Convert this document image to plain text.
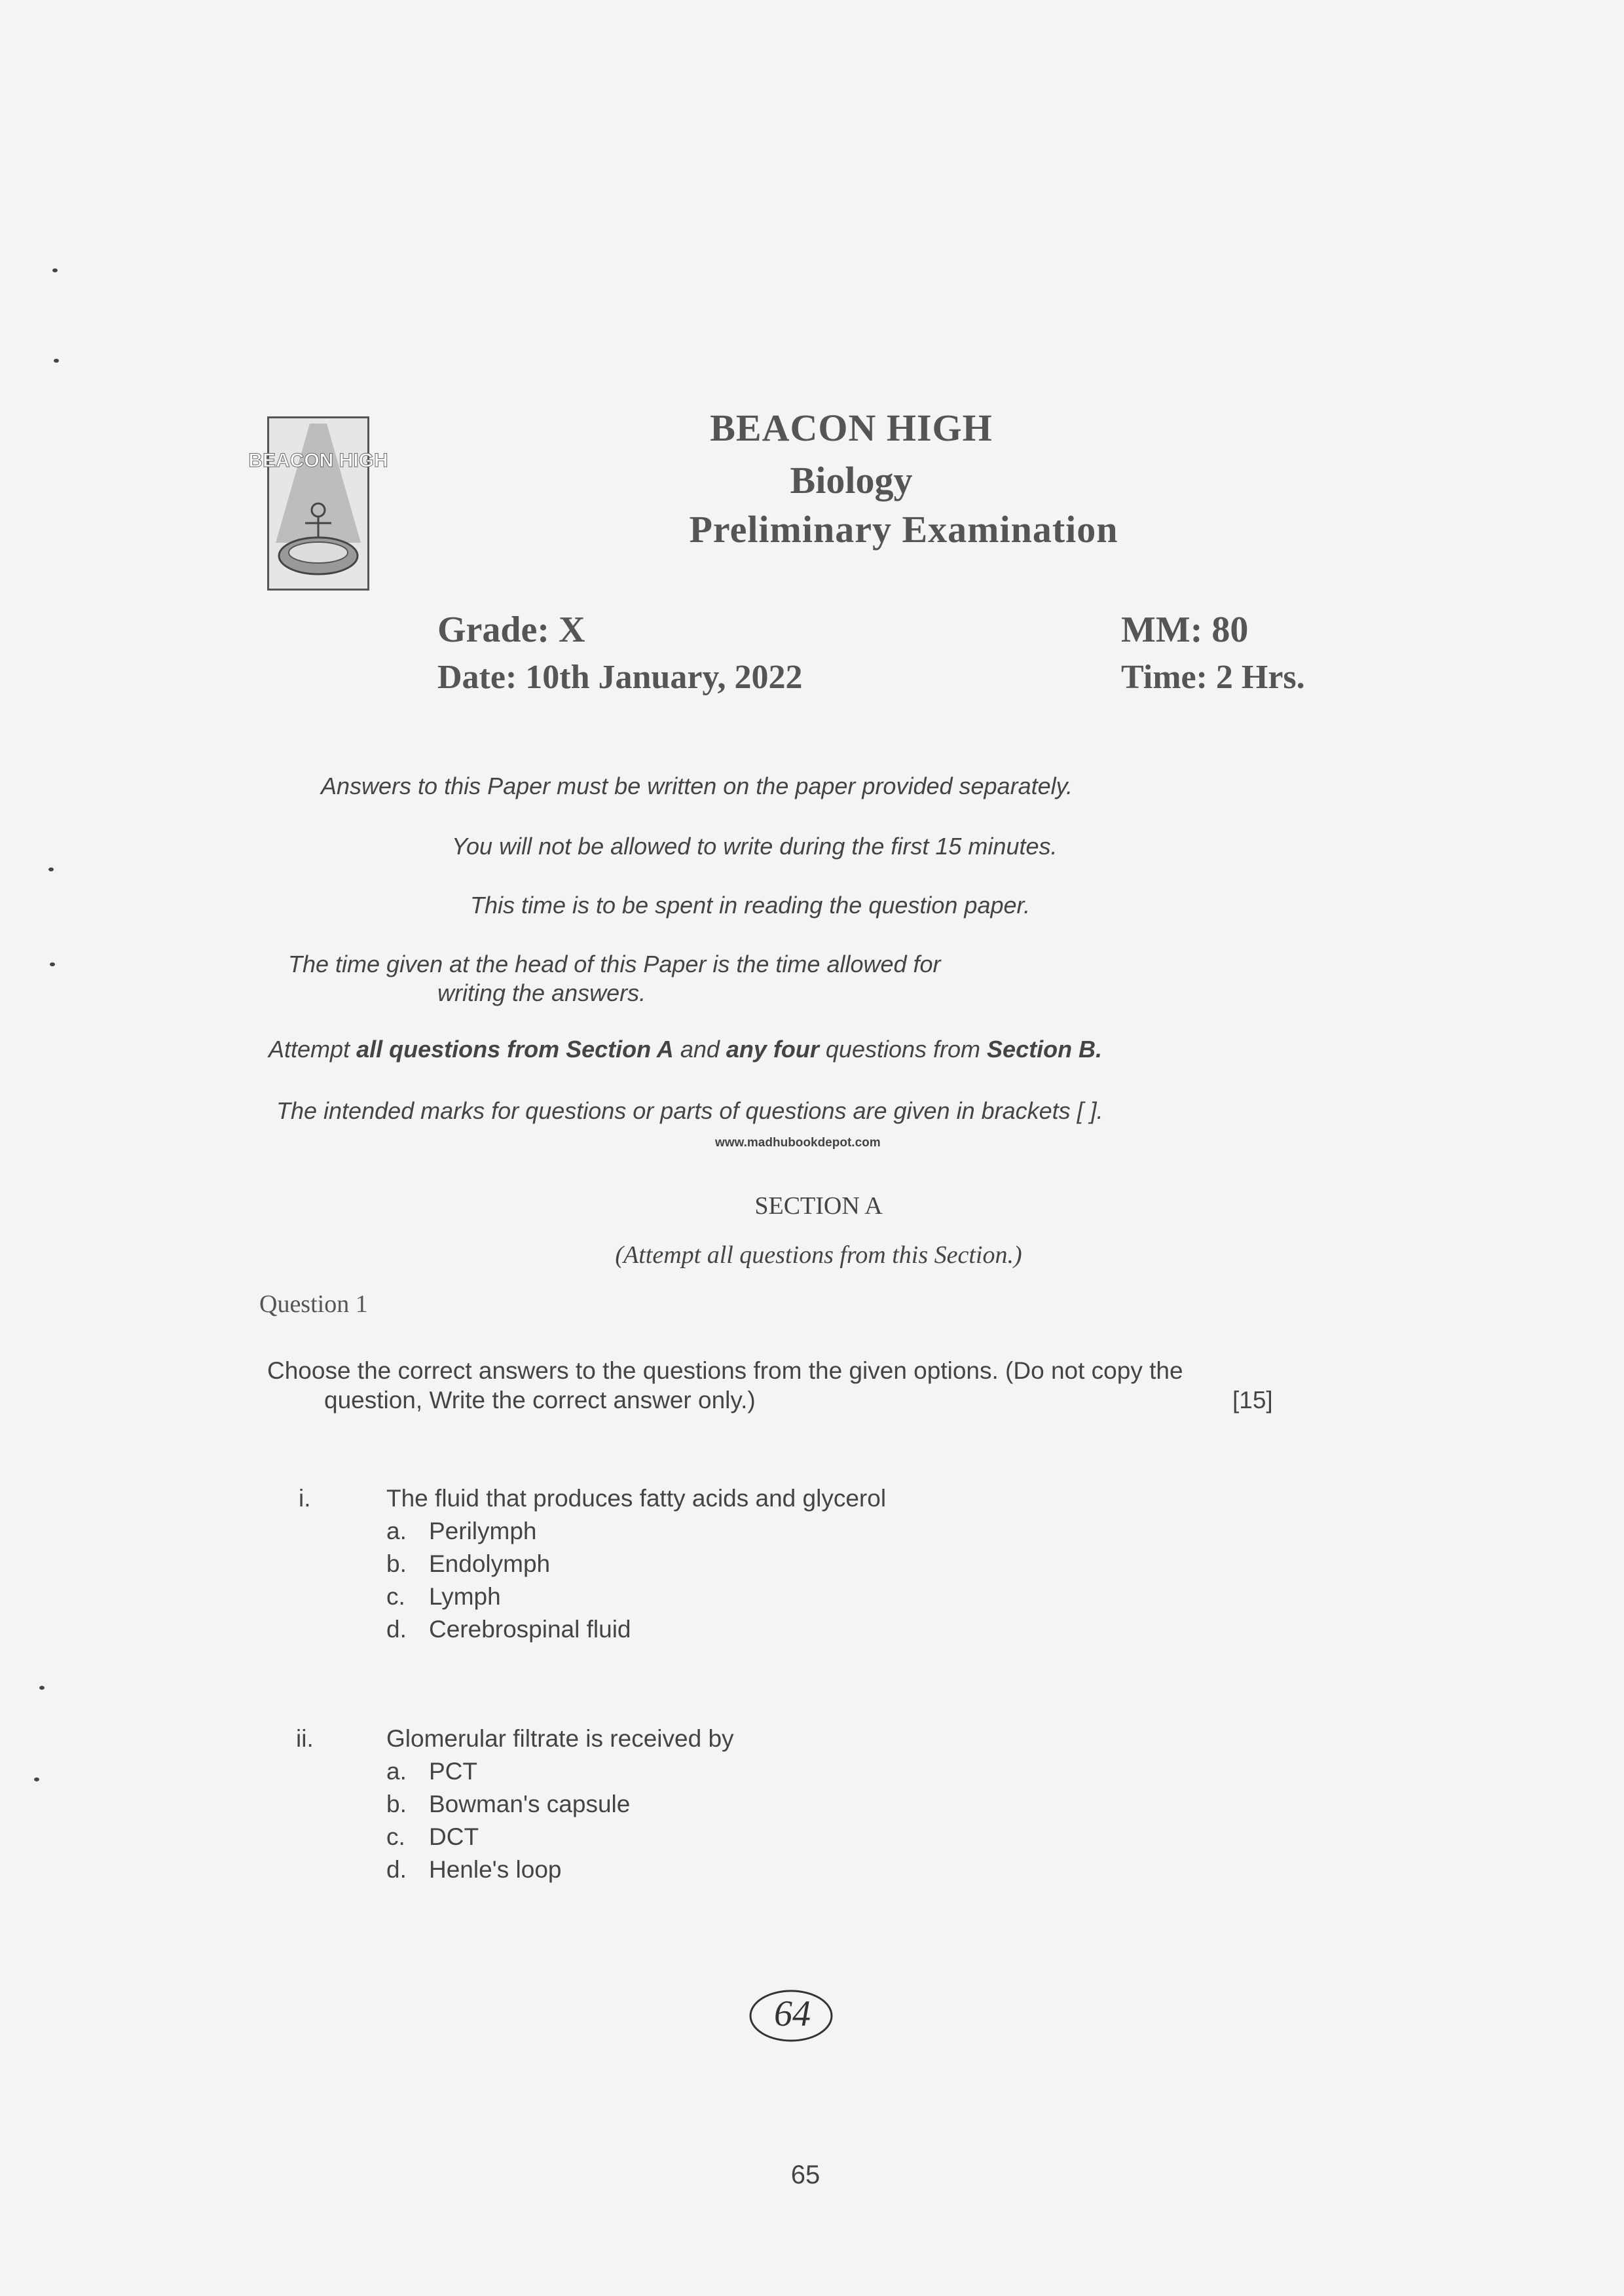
BEACON HIGH
BEACON HIGH
Biology
Preliminary Examination
Grade: X
Date: 10th January, 2022
MM: 80
Time: 2 Hrs.
Answers to this Paper must be written on the paper provided separately.
You will not be allowed to write during the first 15 minutes.
This time is to be spent in reading the question paper.
The time given at the head of this Paper is the time allowed for
writing the answers.
Attempt all questions from Section A and any four questions from Section B.
The intended marks for questions or parts of questions are given in brackets [ ].
www.madhubookdepot.com
SECTION A
(Attempt all questions from this Section.)
Question 1
Choose the correct answers to the questions from the given options. (Do not copy the
question, Write the correct answer only.)	[15]
i.	The fluid that produces fatty acids and glycerol
a. Perilymph
b. Endolymph
c. Lymph
d. Cerebrospinal fluid
ii.	Glomerular filtrate is received by
a. PCT
b. Bowman's capsule
c. DCT
d. Henle's loop
64
65
